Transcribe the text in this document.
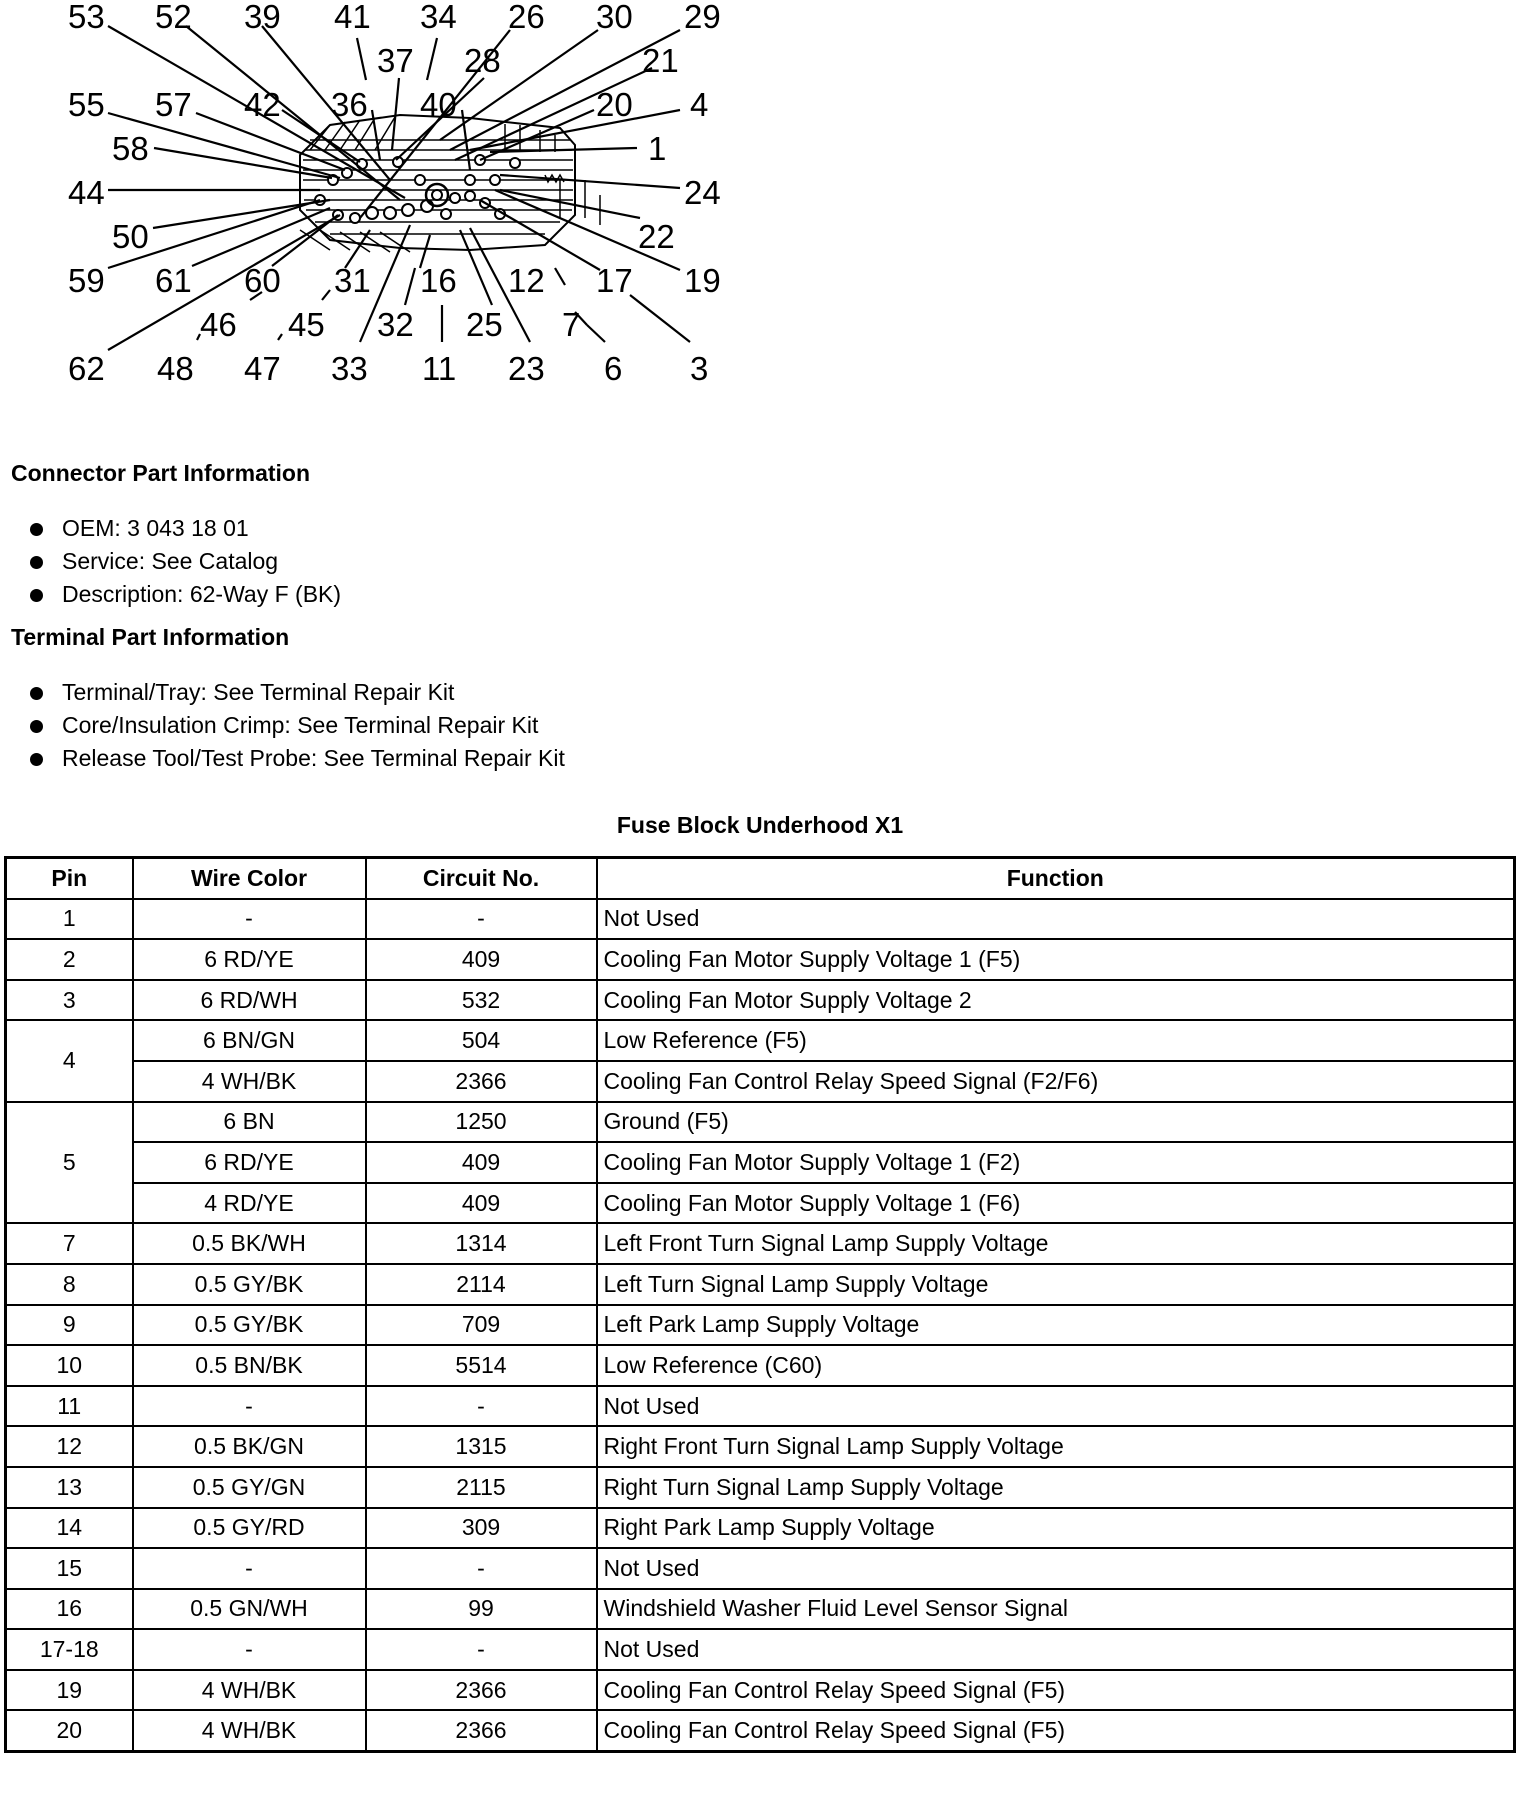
53 52 39 41 34 26 30 29
37 28	21
55 57 42 36 40	20 4
58	1
44	24
50	22
59 61 60 31 16 12 17 19
46 45	7
32 25
62 48 47 33 11 23 6 3
Connector Part Information
OEM: 3 043 18 01
Service: See Catalog
Description: 62-Way F (BK)
Terminal Part Information
Terminal/Tray: See Terminal Repair Kit
Core/Insulation Crimp: See Terminal Repair Kit
Release Tool/Test Probe: See Terminal Repair Kit
Fuse Block Underhood X1
Pin	Wire Color	Circuit No.	Function
1	-	-	Not Used
2	6 RD/YE	409	Cooling Fan Motor Supply Voltage 1 (F5)
3	6 RD/WH	532	Cooling Fan Motor Supply Voltage 2
4	6 BN/GN	504	Low Reference (F5)
	4 WH/BK	2366	Cooling Fan Control Relay Speed Signal (F2/F6)
5	6 BN	1250	Ground (F5)
	6 RD/YE	409	Cooling Fan Motor Supply Voltage 1 (F2)
	4 RD/YE	409	Cooling Fan Motor Supply Voltage 1 (F6)
7	0.5 BK/WH	1314	Left Front Turn Signal Lamp Supply Voltage
8	0.5 GY/BK	2114	Left Turn Signal Lamp Supply Voltage
9	0.5 GY/BK	709	Left Park Lamp Supply Voltage
10	0.5 BN/BK	5514	Low Reference (C60)
11	-	-	Not Used
12	0.5 BK/GN	1315	Right Front Turn Signal Lamp Supply Voltage
13	0.5 GY/GN	2115	Right Turn Signal Lamp Supply Voltage
14	0.5 GY/RD	309	Right Park Lamp Supply Voltage
15	-	-	Not Used
16	0.5 GN/WH	99	Windshield Washer Fluid Level Sensor Signal
17-18	-	-	Not Used
19	4 WH/BK	2366	Cooling Fan Control Relay Speed Signal (F5)
20	4 WH/BK	2366	Cooling Fan Control Relay Speed Signal (F5)
